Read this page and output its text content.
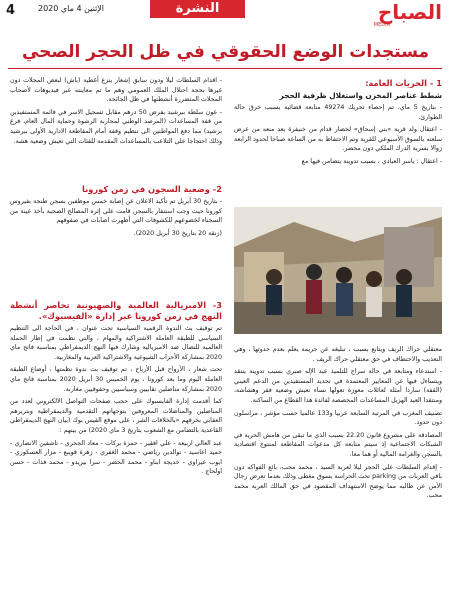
4	الإثنين 4 ماي 2020	النشرة	الصباح
MEDIA
مستجدات الوضع الحقوقي في ظل الحجر الصحي
1 - الحريات العامة:
شطط عناصر المخزن واستغلال ظرفية الحجر

- بتاريخ 5 ماي، تم إحصاء تحريك 49274 متابعة قضائية بسبب خرق حالة الطوارئ.

- اعتقال ولد قرية «بني إسحاق» لخضار قدام من خنيفرة بعد منعه من عرض سلعته بالسوق الأسبوعي للقرية وتم الاحتفاظ به من الساعة صباحا لحدود الرابعة زوالا بسرية الدرك الملكي دون محضر.

- اعتقال : ياسر العبادي ، بسبب تدوينة يتضامن فيها مع

معتقلي حراك الريف ويتابع بسبب ، تبليغه عن جريمة يعلم بعدم حدوثها ، وهي التعذيب والاختطاف في حق معتقلي حراك الريف .

- استدعاء ومتابعة في حالة سراح للتلميذ عبد الإله صبري بسبب تدوينة ينتقد ويتساءل فيها عن المعايير المعتمدة في تحديد المستفيدين من الدعم العيني (القفة) ساردا أمثلة لعائلات معوزة تعولها نساء تعيش وضعية فقر وهشاشة، ومنتقدا العبد الهزيل المساعدات المخصصة لفائدة هذا القطاع من الساكنة.

تصنيف المغرب في المرتبة السابعة عربيا و133 عالميا حسب مؤشر ، مراسلون دون حدود.

المصادقة على مشروع قانون 22.20 بسبب الذي ما تبقى من هامش الحرية في الشبكات الاجتماعية إذ سيتم متابعة كل مدعوات المقاطعة لمنتوج اقتصادية بالسجن والغرامة المالية أو هما معا.

- إقدام السلطات على الحجز ليلا لعربة السيد ، محمد محب، بائع الفواكه دون باقي العربات من parking تحت الحراسة بسوق مغطى وذلك بعدما تعرض رجال الأمن عن طالبه مما يوضح الاستهداف المقصود في حق المالك العربة محمد محب.

- اقدام السلطات ليلا ودون سابق إشعار بنزع أغطية (باش) لبعض المحلات دون غيرها بحجة احتلال الملك العمومي وهم ما تم معاينته عبر فيديوهات لأصحاب المحلات المتضررة أنشطتها في ظل الجائحة.

- عون سلطة ببرشيد بفرض 50 درهم مقابل تسجيل الاسر في قائمة المستفيدين من قفة المساعدات (المرصد الوطني لمحاربة الرشوة وحماية المال العام، فرع برشيد) مما دفع المواطنين الى تنظيم وقفة أمام المقاطعة الادارية الأولى ببرشيد وذلك احتجاجا على التلاعب بالمساعدات المقدمة للفئات التي تعيش وضعية هشة.

2- وضعية السجون في زمن كورونا

- بتاريخ 30 أبريل تم تأكيد الاعلان عن إصابة خمس موظفين بسجن طنجة بفيروس كورونا حيث وجب استنفار بالسجن قامت على إثره المصالح الصحية بأخذ عينة من السجناء لخضوعهم للكشوفات التي أظهرت اصابات في صفوفهم

(زنقة 20 بتاريخ 30 أبريل 2020).

3- الامبريالية العالمية والصهيونية تحاصر أنشطة النهج في زمن كورونا عبر إدارة «الفيسبوك».

تم توقيف بث الندوة الرقمية السياسية تحت عنوان ، في الحاجة الى التنظيم السياسي للطبقة العاملة الاشتراكية والمهام ، والتي نظمت في إطار الحملة العالمية للنضال ضد الامبريالية وشارك فيها النهج الديمقراطي بمناسبة فاتح ماي 2020 بمشاركة الأحزاب الشيوعية والاشتراكية العربية والمغاربية.

تحت شعار ، الأرواح قبل الأرباح ، تم توقيف بث ندوة نظمتها ، أوضاع الطبقة العاملة اليوم وما بعد كورونا ، يوم الخميس 30 أبريل 2020 بمناسبة فاتح ماي 2020 بمشاركة مناضلين نقابيين وسياسيين وحقوقيين مغاربة.

كما أقدمت إدارة الفايسبوك على حجب صفحات التواصل الالكتروني لعدد من المناضلين والمناضلات المعروفين بتوجهاتهم التقدمية والديمقراطية وبتريرهم العقابي بخرقهم «بالخلافات الشر ، على موقع الفيس بوك (بيان النهج الديمقراطي القاعدية بالتضامن مع الشعوب بتاريخ 3 ماي 2020) من بينهم :

عبد العالي اربيعة - علي افقير - حمزة بركات - معاد الجحري - تاشفين الانصاري - حميد اعاسيد - نوالدين رياضي - محمد الغفري - زهرة قويبع - مزار العسكوري - ايوب عيراوي - خديجة ابناو - محمد الحضر - سرا بيريدو - محمد فدات - حسن اولحاج .
